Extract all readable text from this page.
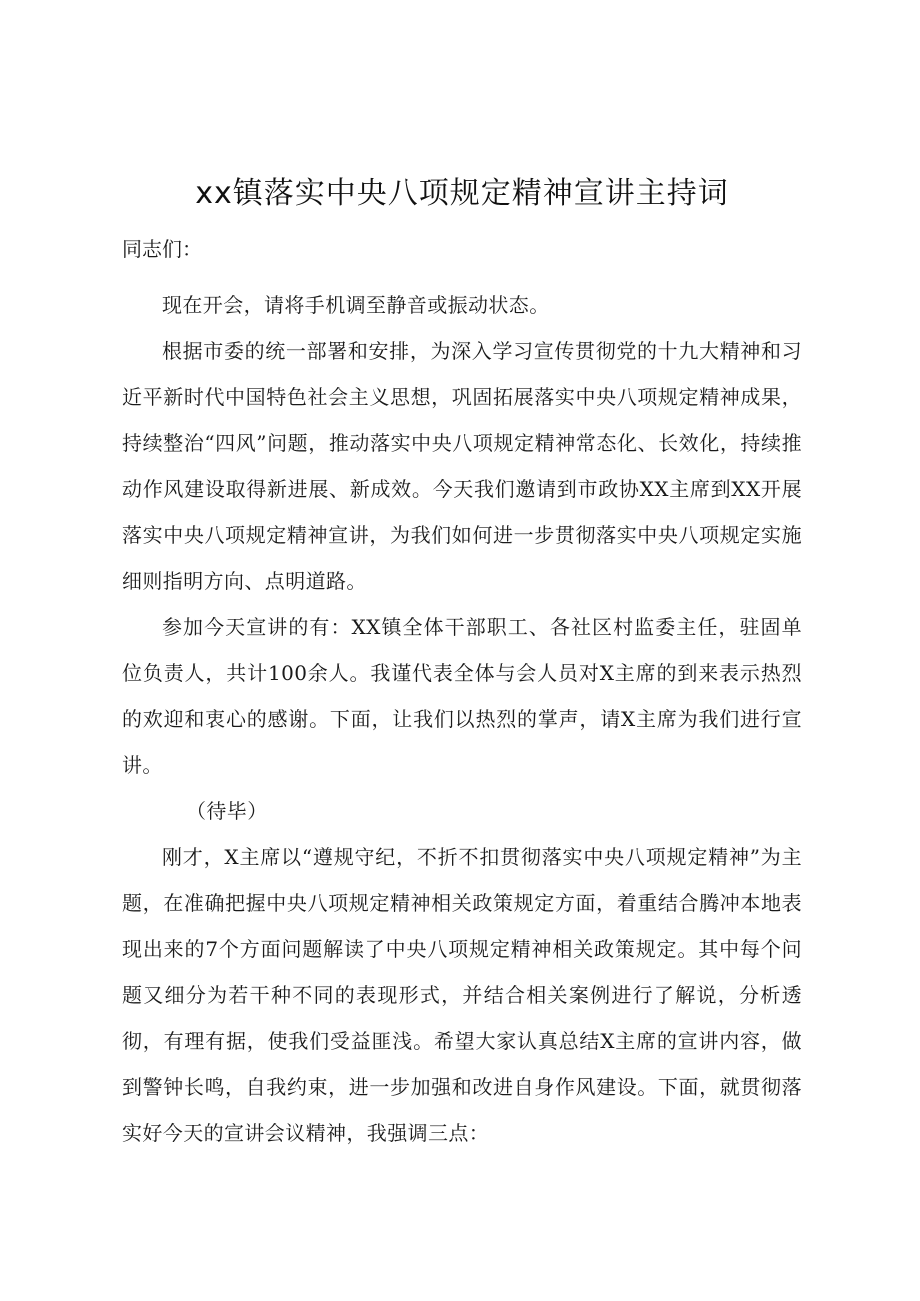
xx镇落实中央八项规定精神宣讲主持词
同志们：

现在开会，请将手机调至静音或振动状态。

根据市委的统一部署和安排，为深入学习宣传贯彻党的十九大精神和习近平新时代中国特色社会主义思想，巩固拓展落实中央八项规定精神成果，持续整治“四风”问题，推动落实中央八项规定精神常态化、长效化，持续推动作风建设取得新进展、新成效。今天我们邀请到市政协XX主席到XX开展落实中央八项规定精神宣讲，为我们如何进一步贯彻落实中央八项规定实施细则指明方向、点明道路。

参加今天宣讲的有：XX镇全体干部职工、各社区村监委主任，驻固单位负责人，共计100余人。我谨代表全体与会人员对X主席的到来表示热烈的欢迎和衷心的感谢。下面，让我们以热烈的掌声，请X主席为我们进行宣讲。

（待毕）

刚才，X主席以“遵规守纪，不折不扣贯彻落实中央八项规定精神”为主题，在准确把握中央八项规定精神相关政策规定方面，着重结合腾冲本地表现出来的7个方面问题解读了中央八项规定精神相关政策规定。其中每个问题又细分为若干种不同的表现形式，并结合相关案例进行了解说，分析透彻，有理有据，使我们受益匪浅。希望大家认真总结X主席的宣讲内容，做到警钟长鸣，自我约束，进一步加强和改进自身作风建设。下面，就贯彻落实好今天的宣讲会议精神，我强调三点：
